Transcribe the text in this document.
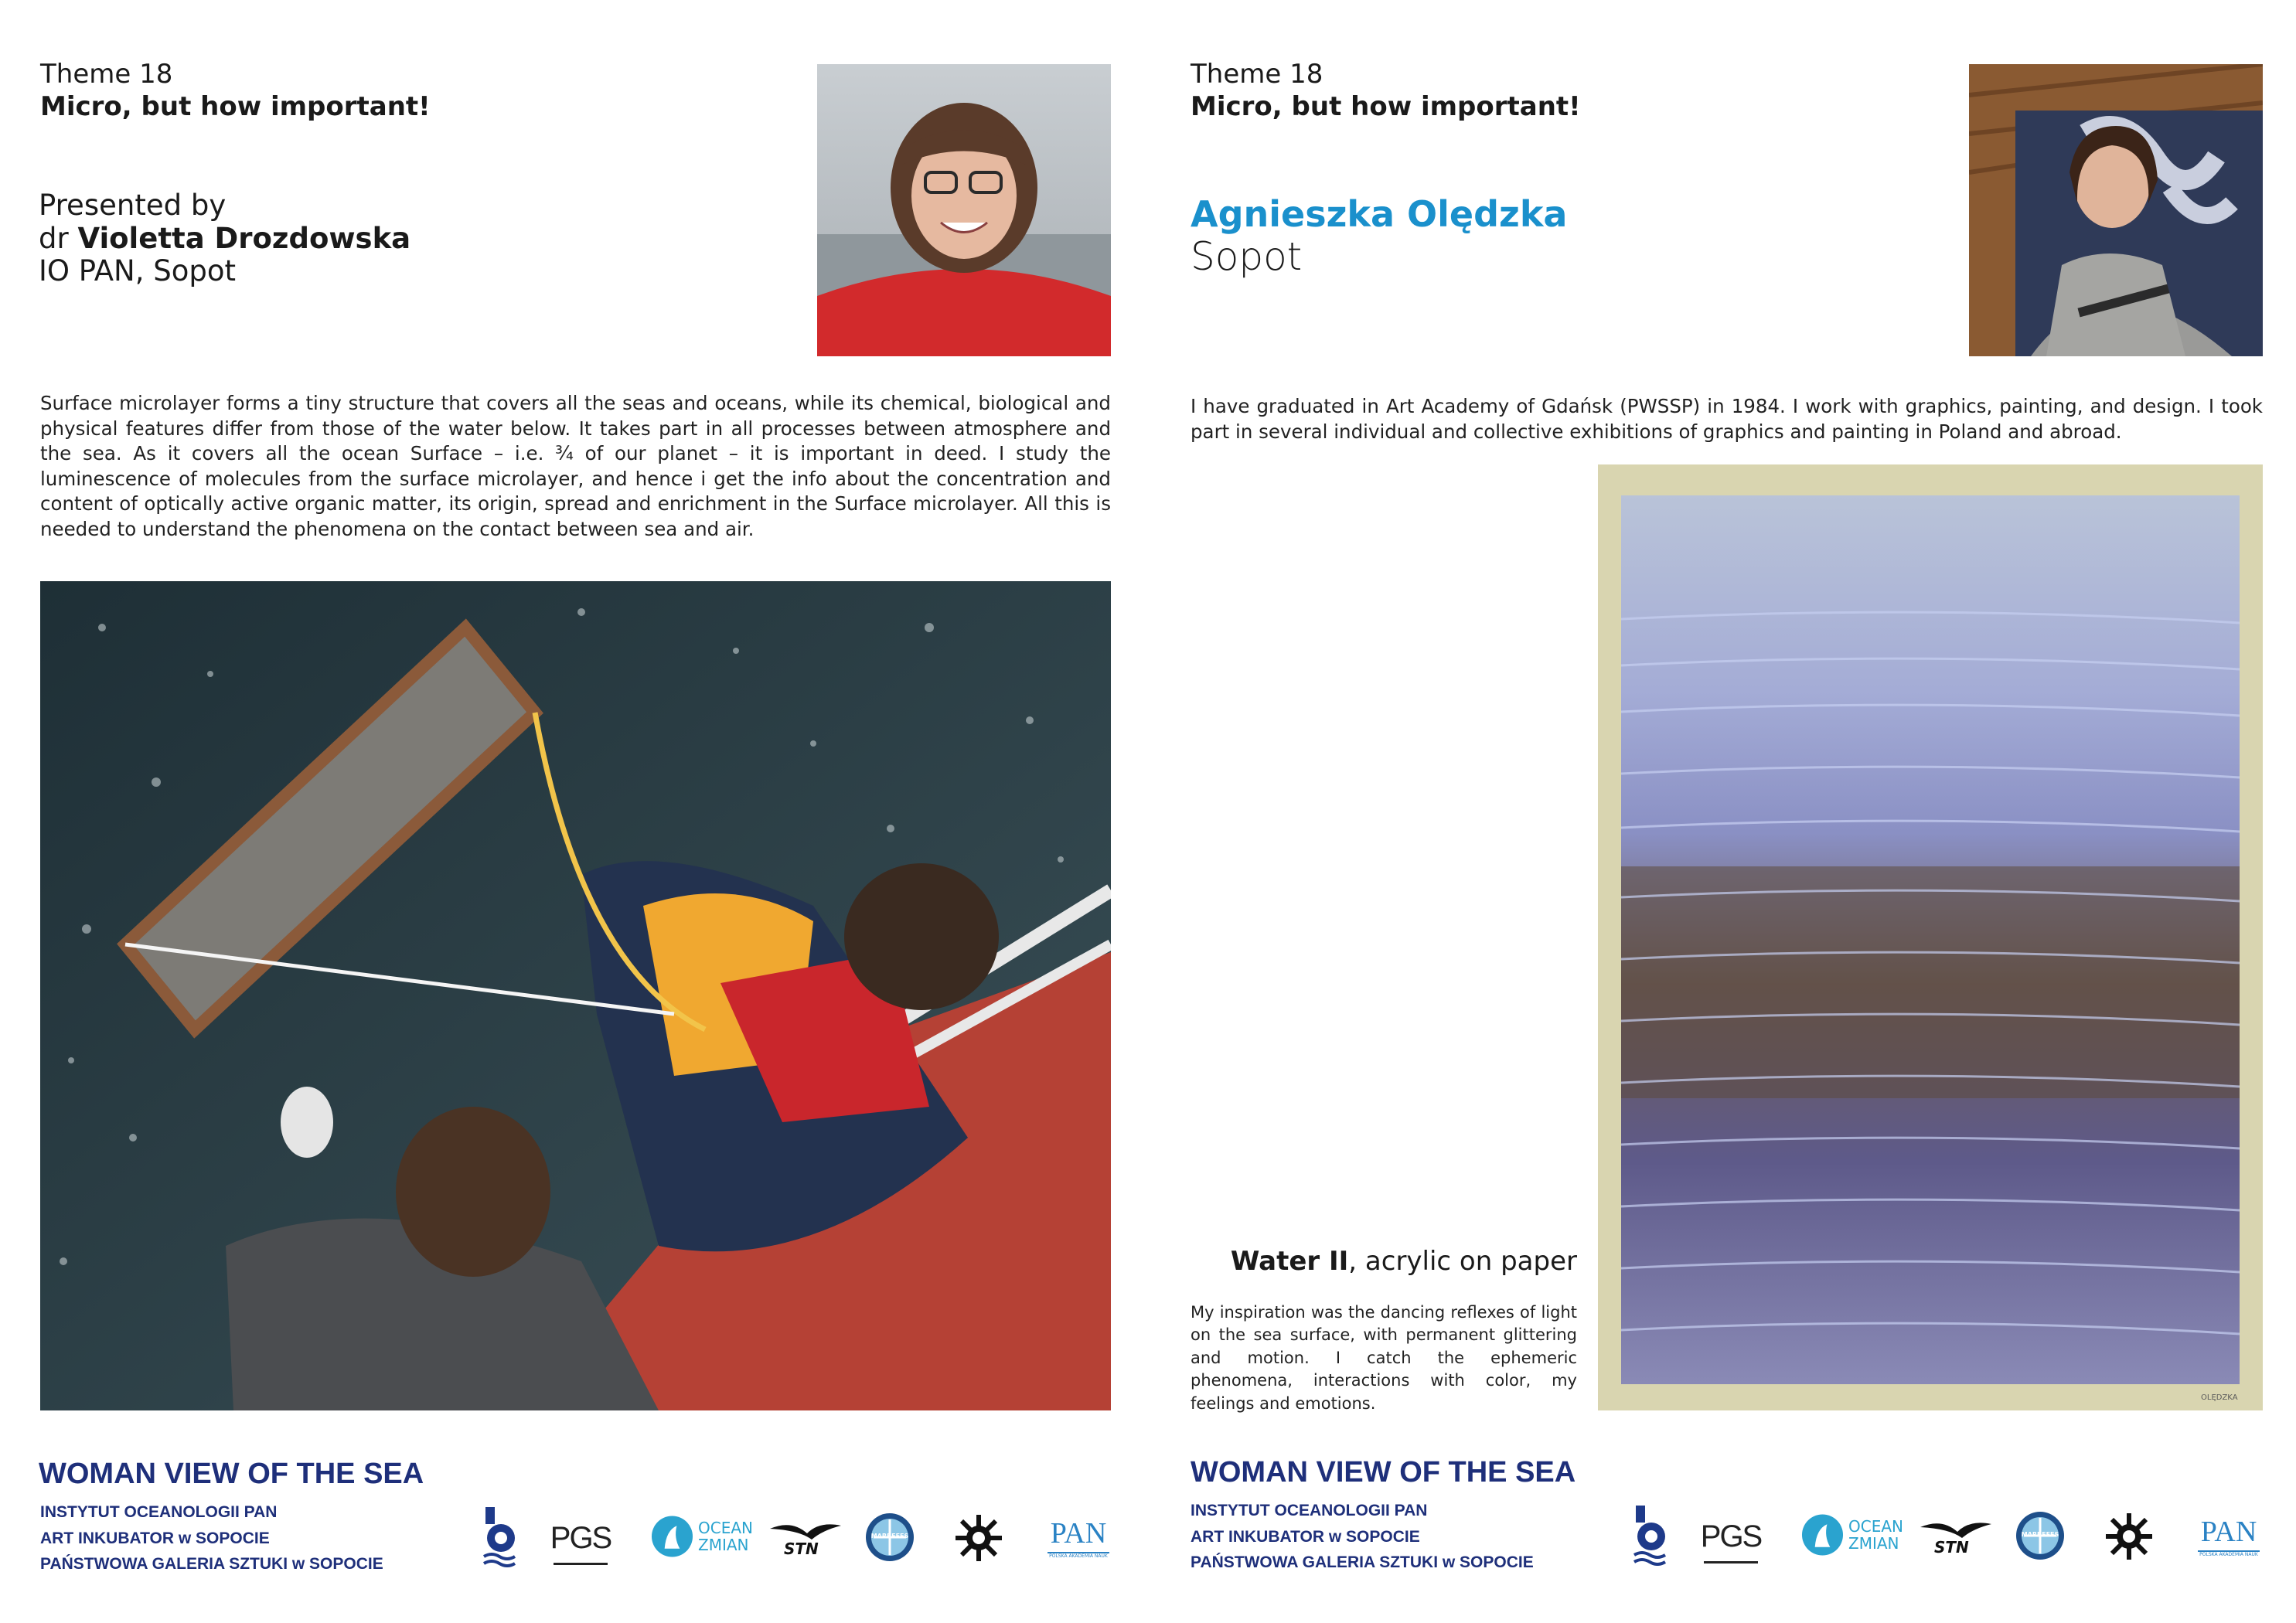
Theme 18
Micro, but how important!
Presented by
dr Violetta Drozdowska
IO PAN, Sopot
Surface microlayer forms a tiny structure that covers all the seas and oceans, while its chemical, biological and physical features differ from those of the water below. It takes part in all processes between atmosphere and the sea. As it covers all the ocean Surface – i.e. ¾ of our planet – it is important in deed. I study the luminescence of molecules from the surface microlayer, and hence i get the info about the concentration and content of optically active organic matter, its origin, spread and enrichment in the Surface microlayer. All this is needed to understand the phenomena on the contact between sea and air.
WOMAN VIEW OF THE SEA
INSTYTUT OCEANOLOGII PAN
ART INKUBATOR w SOPOCIE
PAŃSTWOWA GALERIA SZTUKI w SOPOCIE
PGS	OCEAN
ZMIAN STN
MARBEFES	PAN
POLSKA AKADEMIA NAUK
Theme 18
Micro, but how important!
Agnieszka Olędzka
Sopot
I have graduated in Art Academy of Gdańsk (PWSSP) in 1984. I work with graphics, painting, and design. I took part in several individual and collective exhibitions of graphics and painting in Poland and abroad.
Water II, acrylic on paper
My inspiration was the dancing reflexes of light on the sea surface, with permanent glittering and motion. I catch the ephemeric phenomena, interactions with color, my feelings and emotions.	OLĘDZKA
WOMAN VIEW OF THE SEA
INSTYTUT OCEANOLOGII PAN
ART INKUBATOR w SOPOCIE
PAŃSTWOWA GALERIA SZTUKI w SOPOCIE
PGS	OCEAN
ZMIAN STN
MARBEFES	PAN
POLSKA AKADEMIA NAUK
